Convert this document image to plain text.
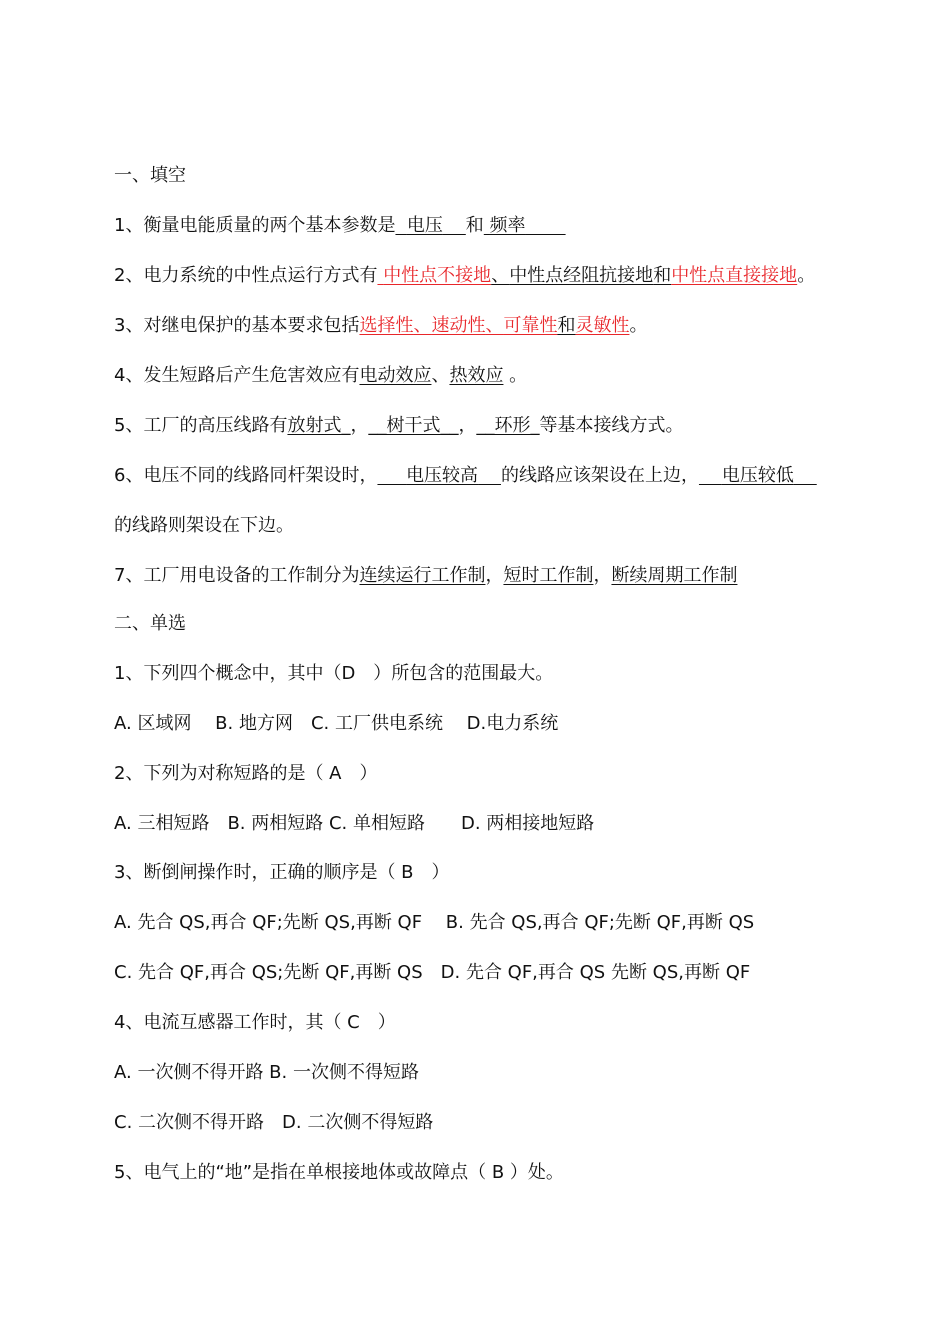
一、填空
1、衡量电能质量的两个基本参数是 电压 和 频率
2、电力系统的中性点运行方式有 中性点不接地、中性点经阻抗接地和中性点直接接地。
3、对继电保护的基本要求包括选择性、速动性、可靠性和灵敏性。
4、发生短路后产生危害效应有电动效应、热效应 。
5、工厂的高压线路有放射式_，__树干式__，__环形_等基本接线方式。
6、电压不同的线路同杆架设时， 电压较高 的线路应该架设在上边， 电压较低
的线路则架设在下边。
7、工厂用电设备的工作制分为连续运行工作制，短时工作制，断续周期工作制
二、单选
1、下列四个概念中，其中（D　）所包含的范围最大。
A. 区域网　 B. 地方网　C. 工厂供电系统　 D.电力系统
2、下列为对称短路的是（ A　）
A. 三相短路　B. 两相短路 C. 单相短路　　D. 两相接地短路
3、断倒闸操作时，正确的顺序是（ B　）
A. 先合 QS,再合 QF;先断 QS,再断 QF　 B. 先合 QS,再合 QF;先断 QF,再断 QS
C. 先合 QF,再合 QS;先断 QF,再断 QS　D. 先合 QF,再合 QS 先断 QS,再断 QF
4、电流互感器工作时，其（ C　）
A. 一次侧不得开路 B. 一次侧不得短路
C. 二次侧不得开路　D. 二次侧不得短路
5、电气上的“地”是指在单根接地体或故障点（ B ）处。
